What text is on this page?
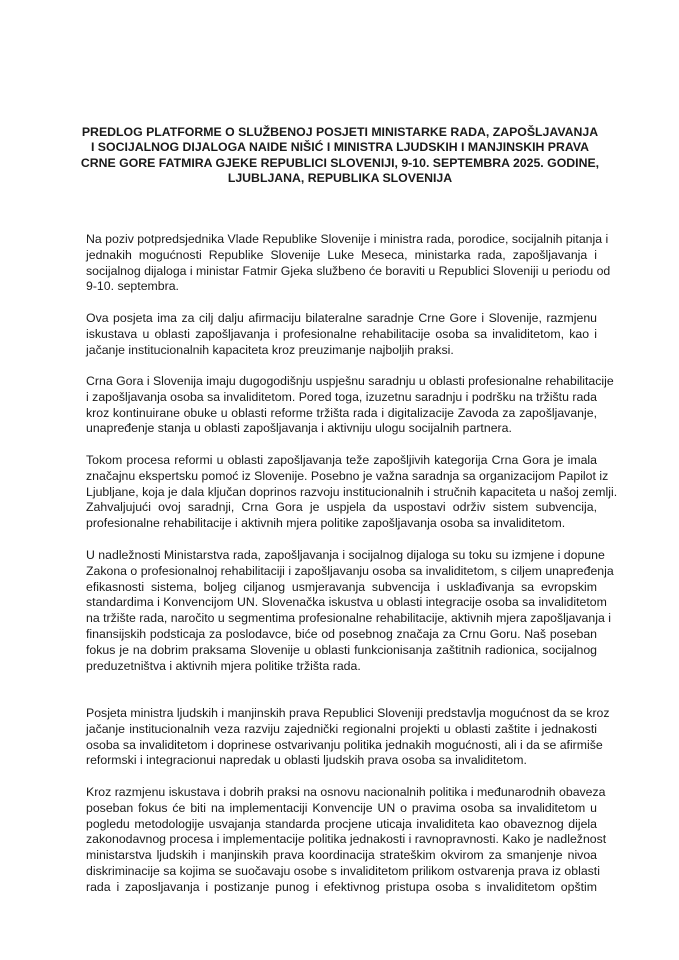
PREDLOG PLATFORME O SLUŽBENOJ POSJETI MINISTARKE RADA, ZAPOŠLJAVANJA
I SOCIJALNOG DIJALOGA NAIDE NIŠIĆ I MINISTRA LJUDSKIH I MANJINSKIH PRAVA
CRNE GORE FATMIRA GJEKE REPUBLICI SLOVENIJI, 9-10. SEPTEMBRA 2025. GODINE,
LJUBLJANA, REPUBLIKA SLOVENIJA
Na poziv potpredsjednika Vlade Republike Slovenije i ministra rada, porodice, socijalnih pitanja i
jednakih mogućnosti Republike Slovenije Luke Meseca, ministarka rada, zapošljavanja i
socijalnog dijaloga i ministar Fatmir Gjeka službeno će boraviti u Republici Sloveniji u periodu od
9-10. septembra.
Ova posjeta ima za cilj dalju afirmaciju bilateralne saradnje Crne Gore i Slovenije, razmjenu
iskustava u oblasti zapošljavanja i profesionalne rehabilitacije osoba sa invaliditetom, kao i
jačanje institucionalnih kapaciteta kroz preuzimanje najboljih praksi.
Crna Gora i Slovenija imaju dugogodišnju uspješnu saradnju u oblasti profesionalne rehabilitacije
i zapošljavanja osoba sa invaliditetom. Pored toga, izuzetnu saradnju i podršku na tržištu rada
kroz kontinuirane obuke u oblasti reforme tržišta rada i digitalizacije Zavoda za zapošljavanje,
unapređenje stanja u oblasti zapošljavanja i aktivniju ulogu socijalnih partnera.
Tokom procesa reformi u oblasti zapošljavanja teže zapošljivih kategorija Crna Gora je imala
značajnu ekspertsku pomoć iz Slovenije. Posebno je važna saradnja sa organizacijom Papilot iz
Ljubljane, koja je dala ključan doprinos razvoju institucionalnih i stručnih kapaciteta u našoj zemlji.
Zahvaljujući ovoj saradnji, Crna Gora je uspjela da uspostavi održiv sistem subvencija,
profesionalne rehabilitacije i aktivnih mjera politike zapošljavanja osoba sa invaliditetom.
U nadležnosti Ministarstva rada, zapošljavanja i socijalnog dijaloga su toku su izmjene i dopune
Zakona o profesionalnoj rehabilitaciji i zapošljavanju osoba sa invaliditetom, s ciljem unapređenja
efikasnosti sistema, boljeg ciljanog usmjeravanja subvencija i usklađivanja sa evropskim
standardima i Konvencijom UN. Slovenačka iskustva u oblasti integracije osoba sa invaliditetom
na tržište rada, naročito u segmentima profesionalne rehabilitacije, aktivnih mjera zapošljavanja i
finansijskih podsticaja za poslodavce, biće od posebnog značaja za Crnu Goru. Naš poseban
fokus je na dobrim praksama Slovenije u oblasti funkcionisanja zaštitnih radionica, socijalnog
preduzetništva i aktivnih mjera politike tržišta rada.
Posjeta ministra ljudskih i manjinskih prava Republici Sloveniji predstavlja mogućnost da se kroz
jačanje institucionalnih veza razviju zajednički regionalni projekti u oblasti zaštite i jednakosti
osoba sa invaliditetom i doprinese ostvarivanju politika jednakih mogućnosti, ali i da se afirmiše
reformski i integracionui napredak u oblasti ljudskih prava osoba sa invaliditetom.
Kroz razmjenu iskustava i dobrih praksi na osnovu nacionalnih politika i međunarodnih obaveza
poseban fokus će biti na implementaciji Konvencije UN o pravima osoba sa invaliditetom u
pogledu metodologije usvajanja standarda procjene uticaja invaliditeta kao obaveznog dijela
zakonodavnog procesa i implementacije politika jednakosti i ravnopravnosti. Kako je nadležnost
ministarstva ljudskih i manjinskih prava koordinacija strateškim okvirom za smanjenje nivoa
diskriminacije sa kojima se suočavaju osobe s invaliditetom prilikom ostvarenja prava iz oblasti
rada i zaposljavanja i postizanje punog i efektivnog pristupa osoba s invaliditetom opštim
